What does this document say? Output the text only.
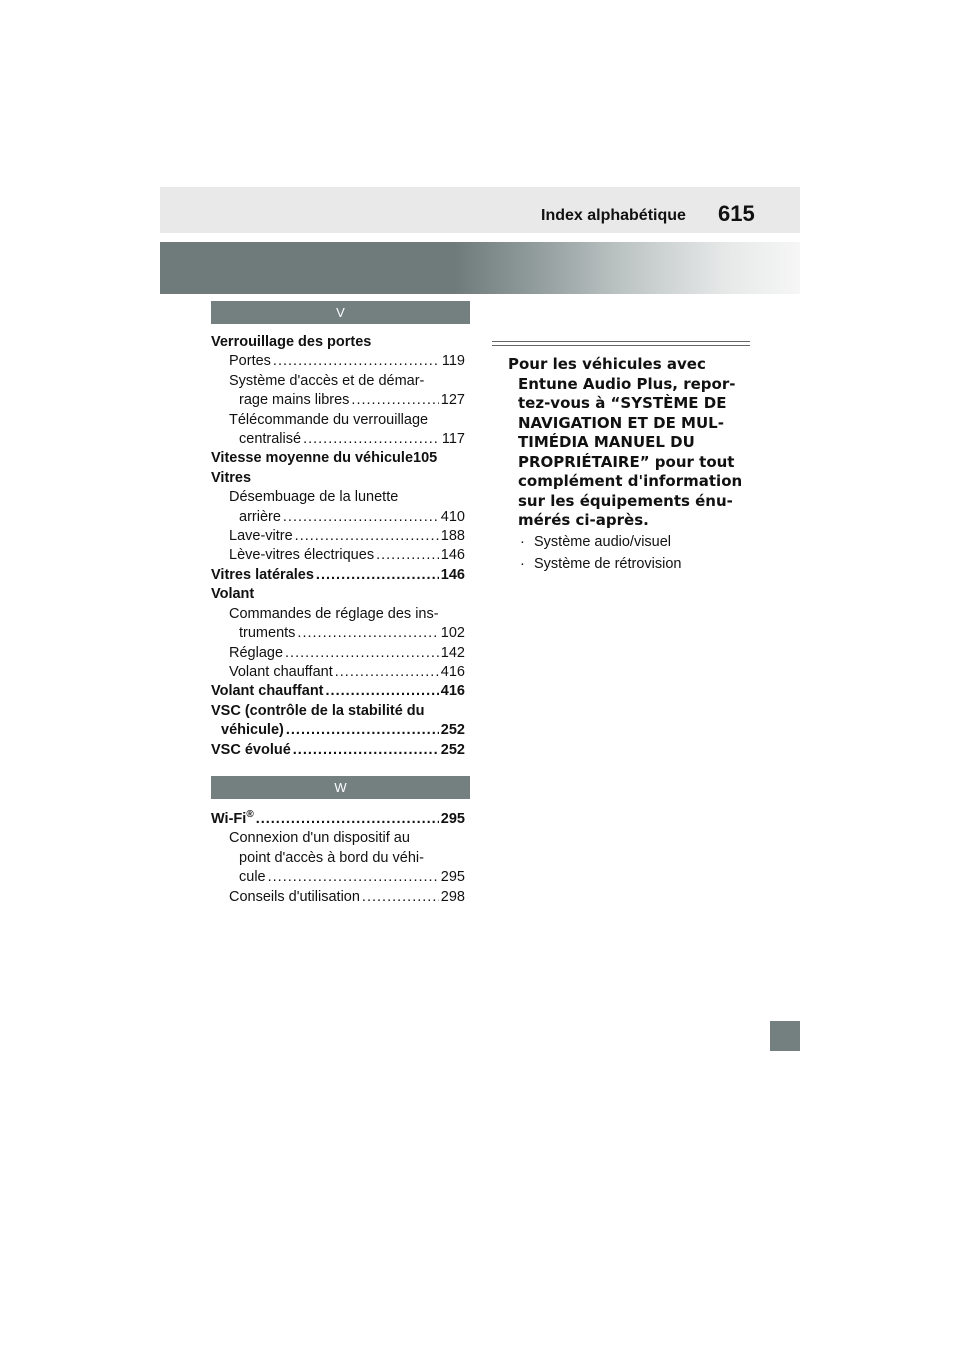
Index alphabétique 615
V
Verrouillage des portes
Portes .....	119
Système d'accès et de démar-
rage mains libres .....	127
Télécommande du verrouillage
centralisé .....	117
Vitesse moyenne du véhicule 105
Vitres
Désembuage de la lunette
arrière .....	410
Lave-vitre .....	188
Lève-vitres électriques .....	146
Vitres latérales .....	146
Volant
Commandes de réglage des ins-
truments .....	102
Réglage .....	142
Volant chauffant .....	416
Volant chauffant .....	416
VSC (contrôle de la stabilité du
véhicule) .....	252
VSC évolué .....	252
W
Wi-Fi® .....	295
Connexion d'un dispositif au
point d'accès à bord du véhi-
cule .....	295
Conseils d'utilisation .....	298
Pour les véhicules avec
Entune Audio Plus, repor-
tez-vous à “SYSTÈME DE
NAVIGATION ET DE MUL-
TIMÉDIA MANUEL DU
PROPRIÉTAIRE” pour tout
complément d'information
sur les équipements énu-
mérés ci-après.
· Système audio/visuel
· Système de rétrovision
